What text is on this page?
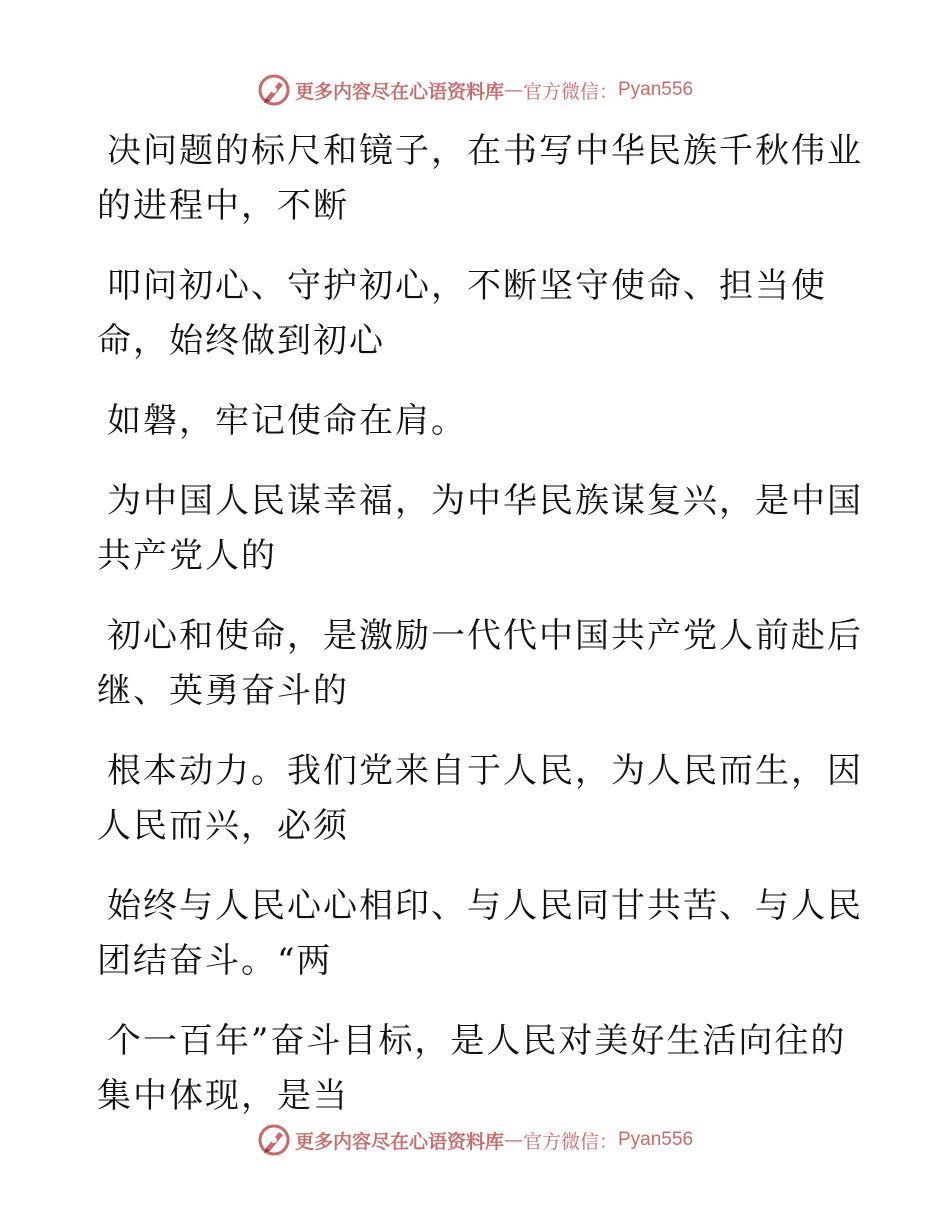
更多内容尽在心语资料库 — 官方微信： Pyan556
决问题的标尺和镜子，在书写中华民族千秋伟业
的进程中，不断
叩问初心、守护初心，不断坚守使命、担当使
命，始终做到初心
如磐，牢记使命在肩。
为中国人民谋幸福，为中华民族谋复兴，是中国
共产党人的
初心和使命，是激励一代代中国共产党人前赴后
继、英勇奋斗的
根本动力。我们党来自于人民，为人民而生，因
人民而兴，必须
始终与人民心心相印、与人民同甘共苦、与人民
团结奋斗。“两
个一百年”奋斗目标，是人民对美好生活向往的
集中体现，是当
更多内容尽在心语资料库 — 官方微信： Pyan556
